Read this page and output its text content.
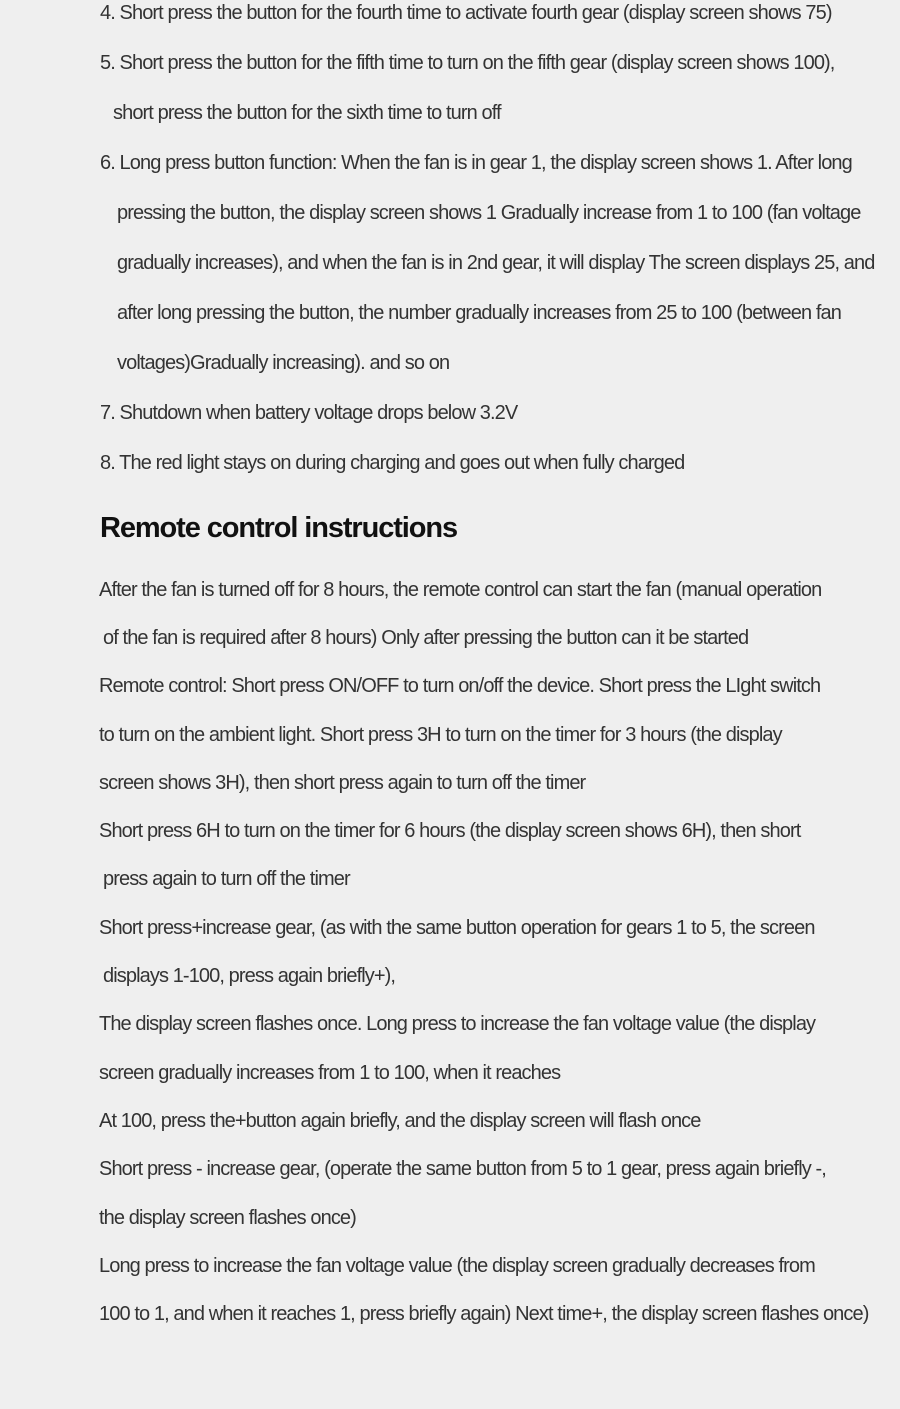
4. Short press the button for the fourth time to activate fourth gear (display screen shows 75)
5. Short press the button for the fifth time to turn on the fifth gear (display screen shows 100),
short press the button for the sixth time to turn off
6. Long press button function: When the fan is in gear 1, the display screen shows 1. After long
pressing the button, the display screen shows 1 Gradually increase from 1 to 100 (fan voltage
gradually increases), and when the fan is in 2nd gear, it will display The screen displays 25, and
after long pressing the button, the number gradually increases from 25 to 100 (between fan
voltages)Gradually increasing). and so on
7. Shutdown when battery voltage drops below 3.2V
8. The red light stays on during charging and goes out when fully charged
Remote control instructions
After the fan is turned off for 8 hours, the remote control can start the fan (manual operation
of the fan is required after 8 hours) Only after pressing the button can it be started
Remote control: Short press ON/OFF to turn on/off the device. Short press the LIght switch
to turn on the ambient light. Short press 3H to turn on the timer for 3 hours (the display
screen shows 3H), then short press again to turn off the timer
Short press 6H to turn on the timer for 6 hours (the display screen shows 6H), then short
press again to turn off the timer
Short press+increase gear, (as with the same button operation for gears 1 to 5, the screen
displays 1-100, press again briefly+),
The display screen flashes once. Long press to increase the fan voltage value (the display
screen gradually increases from 1 to 100, when it reaches
At 100, press the+button again briefly, and the display screen will flash once
Short press - increase gear, (operate the same button from 5 to 1 gear, press again briefly -,
the display screen flashes once)
Long press to increase the fan voltage value (the display screen gradually decreases from
100 to 1, and when it reaches 1, press briefly again) Next time+, the display screen flashes once)
